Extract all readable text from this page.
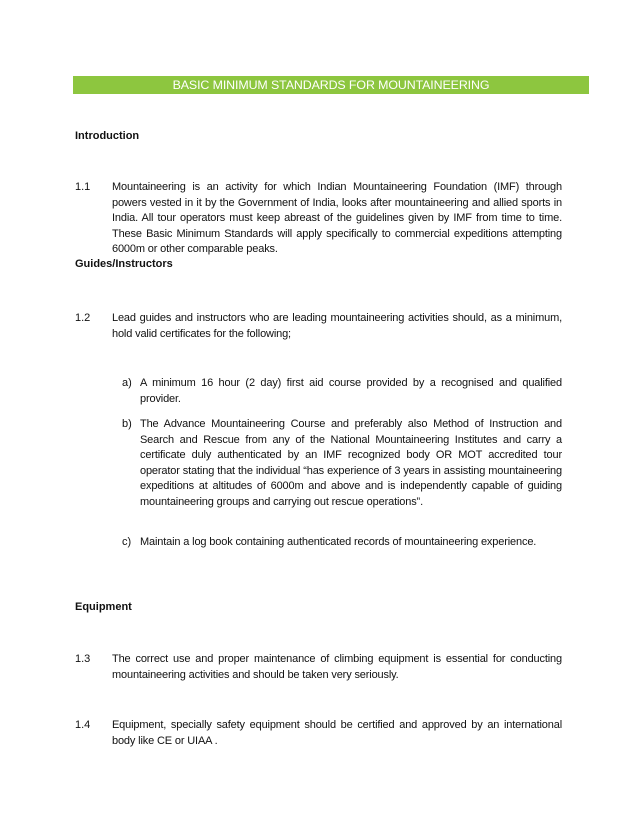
BASIC MINIMUM STANDARDS FOR MOUNTAINEERING
Introduction
1.1 Mountaineering is an activity for which Indian Mountaineering Foundation (IMF) through powers vested in it by the Government of India, looks after mountaineering and allied sports in India. All tour operators must keep abreast of the guidelines given by IMF from time to time. These Basic Minimum Standards will apply specifically to commercial expeditions attempting 6000m or other comparable peaks.
Guides/Instructors
1.2 Lead guides and instructors who are leading mountaineering activities should, as a minimum, hold valid certificates for the following;
a) A minimum 16 hour (2 day) first aid course provided by a recognised and qualified provider.
b) The Advance Mountaineering Course and preferably also Method of Instruction and Search and Rescue from any of the National Mountaineering Institutes and carry a certificate duly authenticated by an IMF recognized body OR MOT accredited tour operator stating that the individual “has experience of 3 years in assisting mountaineering expeditions at altitudes of 6000m and above and is independently capable of guiding mountaineering groups and carrying out rescue operations”.
c) Maintain a log book containing authenticated records of mountaineering experience.
Equipment
1.3 The correct use and proper maintenance of climbing equipment is essential for conducting mountaineering activities and should be taken very seriously.
1.4 Equipment, specially safety equipment should be certified and approved by an international body like CE or UIAA .
